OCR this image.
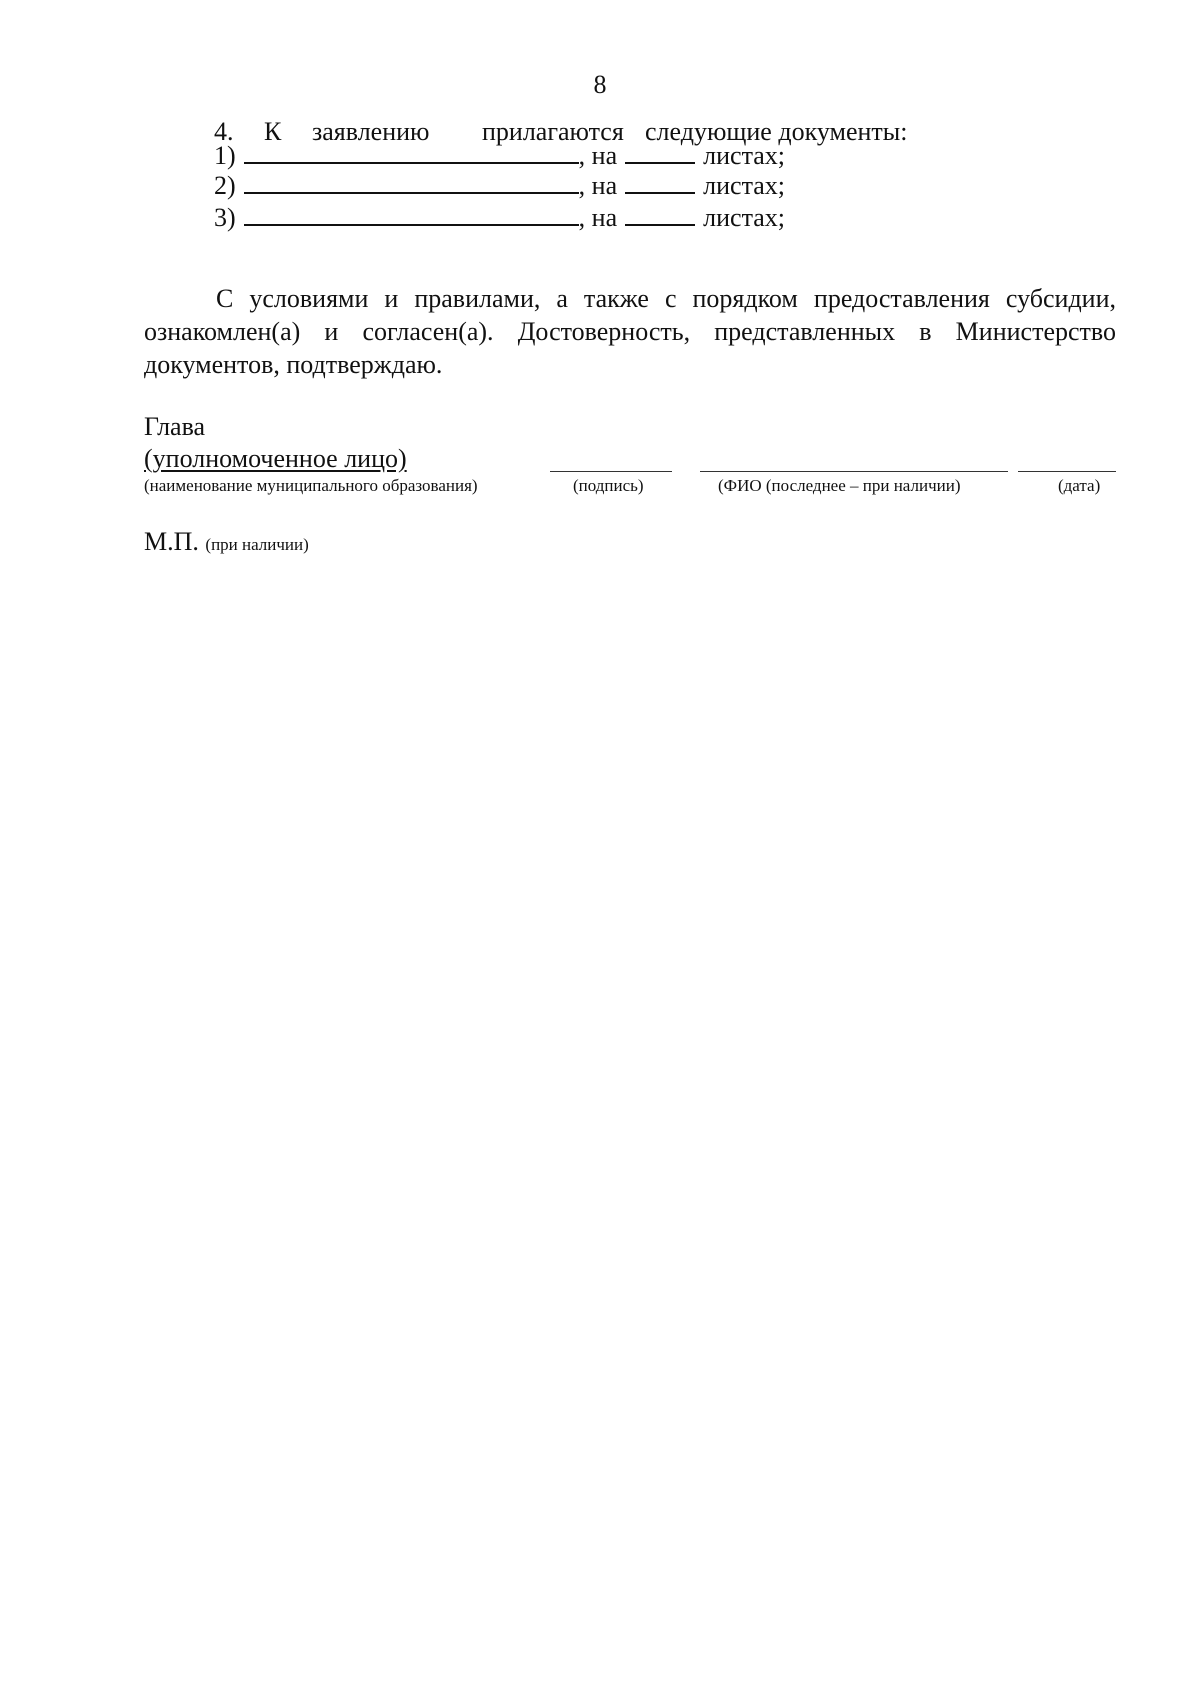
8
4. К заявлению прилагаются следующие документы:
1)	, на	листах;
2)	, на	листах;
3)	, на	листах;
С условиями и правилами, а также с порядком предоставления субсидии, ознакомлен(а) и согласен(а). Достоверность, представленных в Министерство документов, подтверждаю.
Глава
(уполномоченное лицо)
(наименование муниципального образования)	(подпись)	(ФИО (последнее – при наличии)	(дата)
М.П. (при наличии)
